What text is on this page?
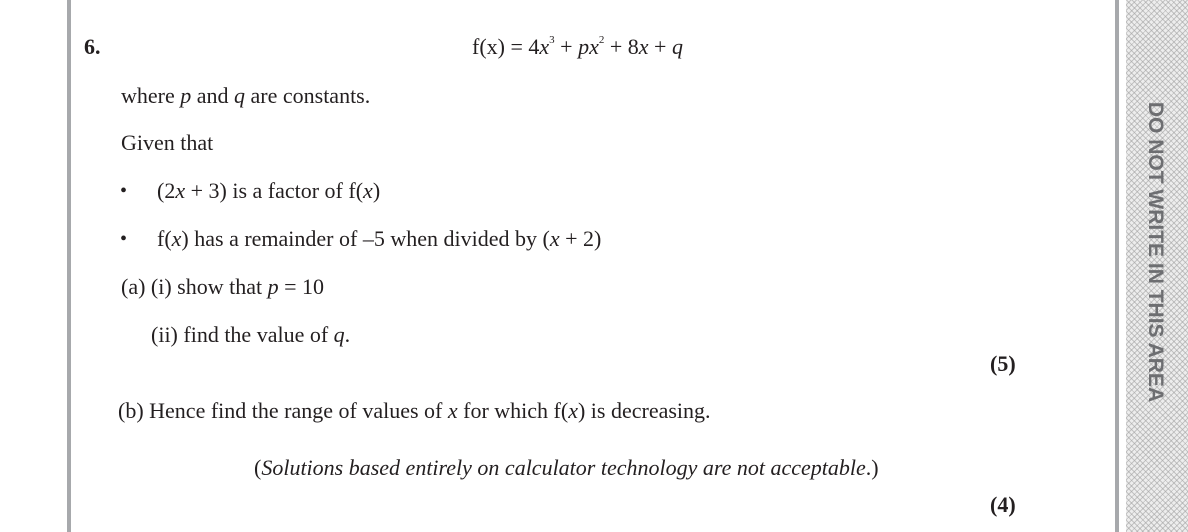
DO NOT WRITE IN THIS AREA
6.	$f(x) = 4x^3 + px^2 + 8x + q$
where p and q are constants.
Given that
• (2x + 3) is a factor of f(x)
• f(x) has a remainder of –5 when divided by (x + 2)
(a) (i) show that p = 10
(ii) find the value of q.
(5)
(b) Hence find the range of values of x for which f(x) is decreasing.
(Solutions based entirely on calculator technology are not acceptable.)
(4)
